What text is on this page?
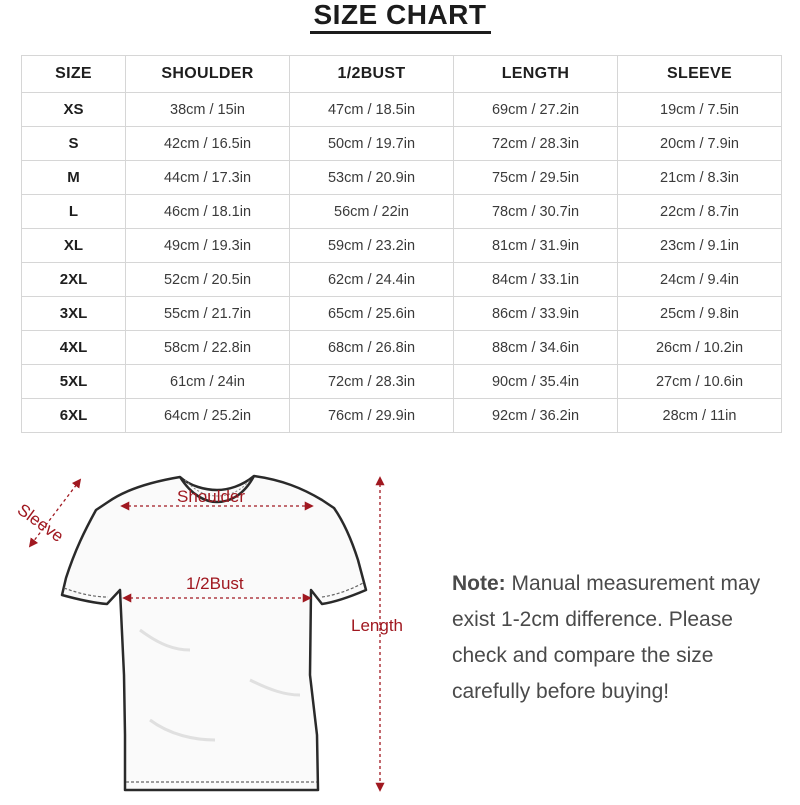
SIZE CHART
SIZE	SHOULDER	1/2BUST	LENGTH	SLEEVE
XS	38cm / 15in	47cm / 18.5in	69cm / 27.2in	19cm / 7.5in
S	42cm / 16.5in	50cm / 19.7in	72cm / 28.3in	20cm / 7.9in
M	44cm / 17.3in	53cm / 20.9in	75cm / 29.5in	21cm / 8.3in
L	46cm / 18.1in	56cm / 22in	78cm / 30.7in	22cm / 8.7in
XL	49cm / 19.3in	59cm / 23.2in	81cm / 31.9in	23cm / 9.1in
2XL	52cm / 20.5in	62cm / 24.4in	84cm / 33.1in	24cm / 9.4in
3XL	55cm / 21.7in	65cm / 25.6in	86cm / 33.9in	25cm / 9.8in
4XL	58cm / 22.8in	68cm / 26.8in	88cm / 34.6in	26cm / 10.2in
5XL	61cm / 24in	72cm / 28.3in	90cm / 35.4in	27cm / 10.6in
6XL	64cm / 25.2in	76cm / 29.9in	92cm / 36.2in	28cm / 11in
Shoulder
1/2Bust
Length
Sleeve
Note: Manual measurement may exist 1-2cm difference. Please check and compare the size carefully before buying!
